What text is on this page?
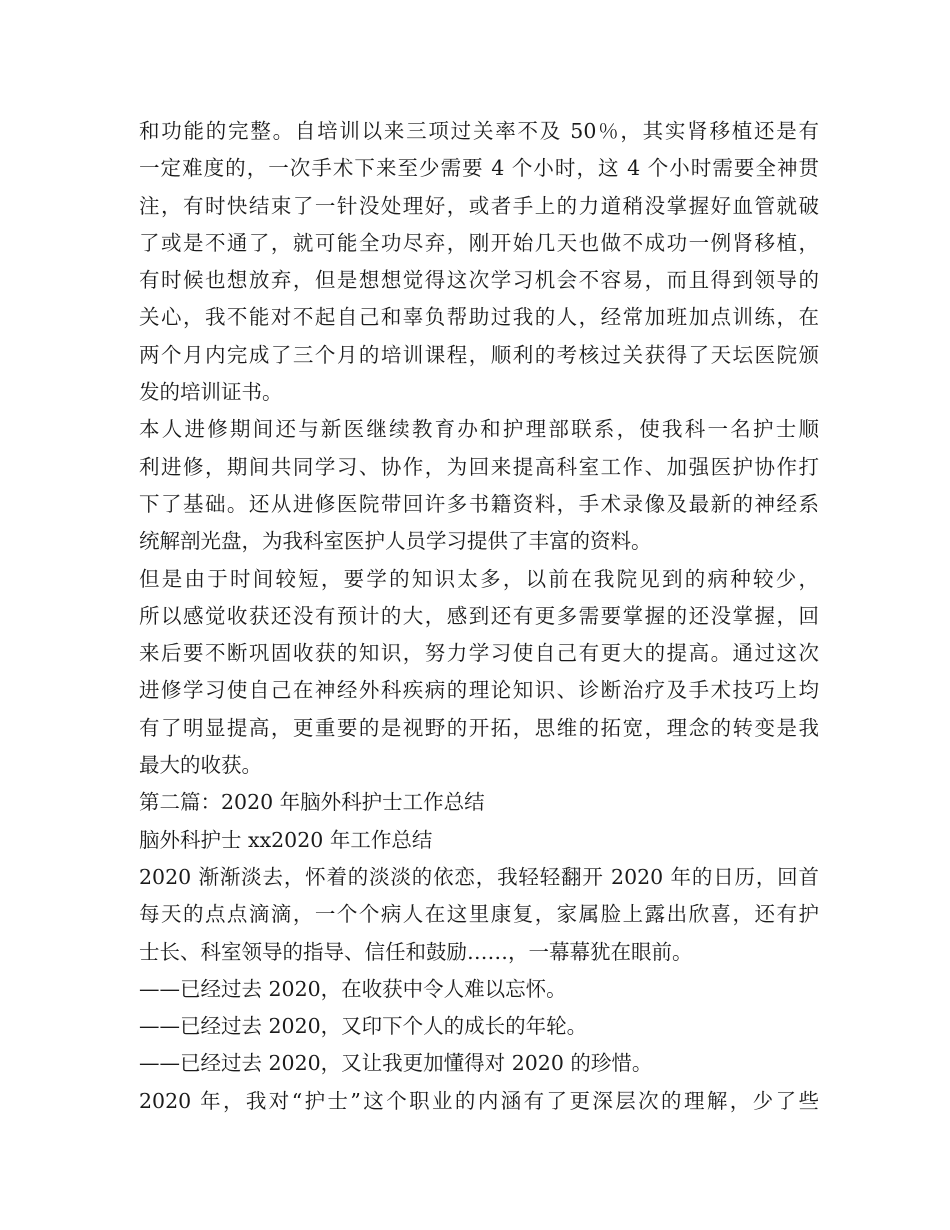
和功能的完整。自培训以来三项过关率不及 50％，其实肾移植还是有
一定难度的，一次手术下来至少需要 4 个小时，这 4 个小时需要全神贯
注，有时快结束了一针没处理好，或者手上的力道稍没掌握好血管就破
了或是不通了，就可能全功尽弃，刚开始几天也做不成功一例肾移植，
有时候也想放弃，但是想想觉得这次学习机会不容易，而且得到领导的
关心，我不能对不起自己和辜负帮助过我的人，经常加班加点训练，在
两个月内完成了三个月的培训课程，顺利的考核过关获得了天坛医院颁
发的培训证书。
本人进修期间还与新医继续教育办和护理部联系，使我科一名护士顺
利进修，期间共同学习、协作，为回来提高科室工作、加强医护协作打
下了基础。还从进修医院带回许多书籍资料，手术录像及最新的神经系
统解剖光盘，为我科室医护人员学习提供了丰富的资料。
但是由于时间较短，要学的知识太多，以前在我院见到的病种较少，
所以感觉收获还没有预计的大，感到还有更多需要掌握的还没掌握，回
来后要不断巩固收获的知识，努力学习使自己有更大的提高。通过这次
进修学习使自己在神经外科疾病的理论知识、诊断治疗及手术技巧上均
有了明显提高，更重要的是视野的开拓，思维的拓宽，理念的转变是我
最大的收获。
第二篇：2020 年脑外科护士工作总结
脑外科护士 xx2020 年工作总结
2020 渐渐淡去，怀着的淡淡的依恋，我轻轻翻开 2020 年的日历，回首
每天的点点滴滴，一个个病人在这里康复，家属脸上露出欣喜，还有护
士长、科室领导的指导、信任和鼓励……，一幕幕犹在眼前。
——已经过去 2020，在收获中令人难以忘怀。
——已经过去 2020，又印下个人的成长的年轮。
——已经过去 2020，又让我更加懂得对 2020 的珍惜。
2020 年，我对“护士”这个职业的内涵有了更深层次的理解，少了些
